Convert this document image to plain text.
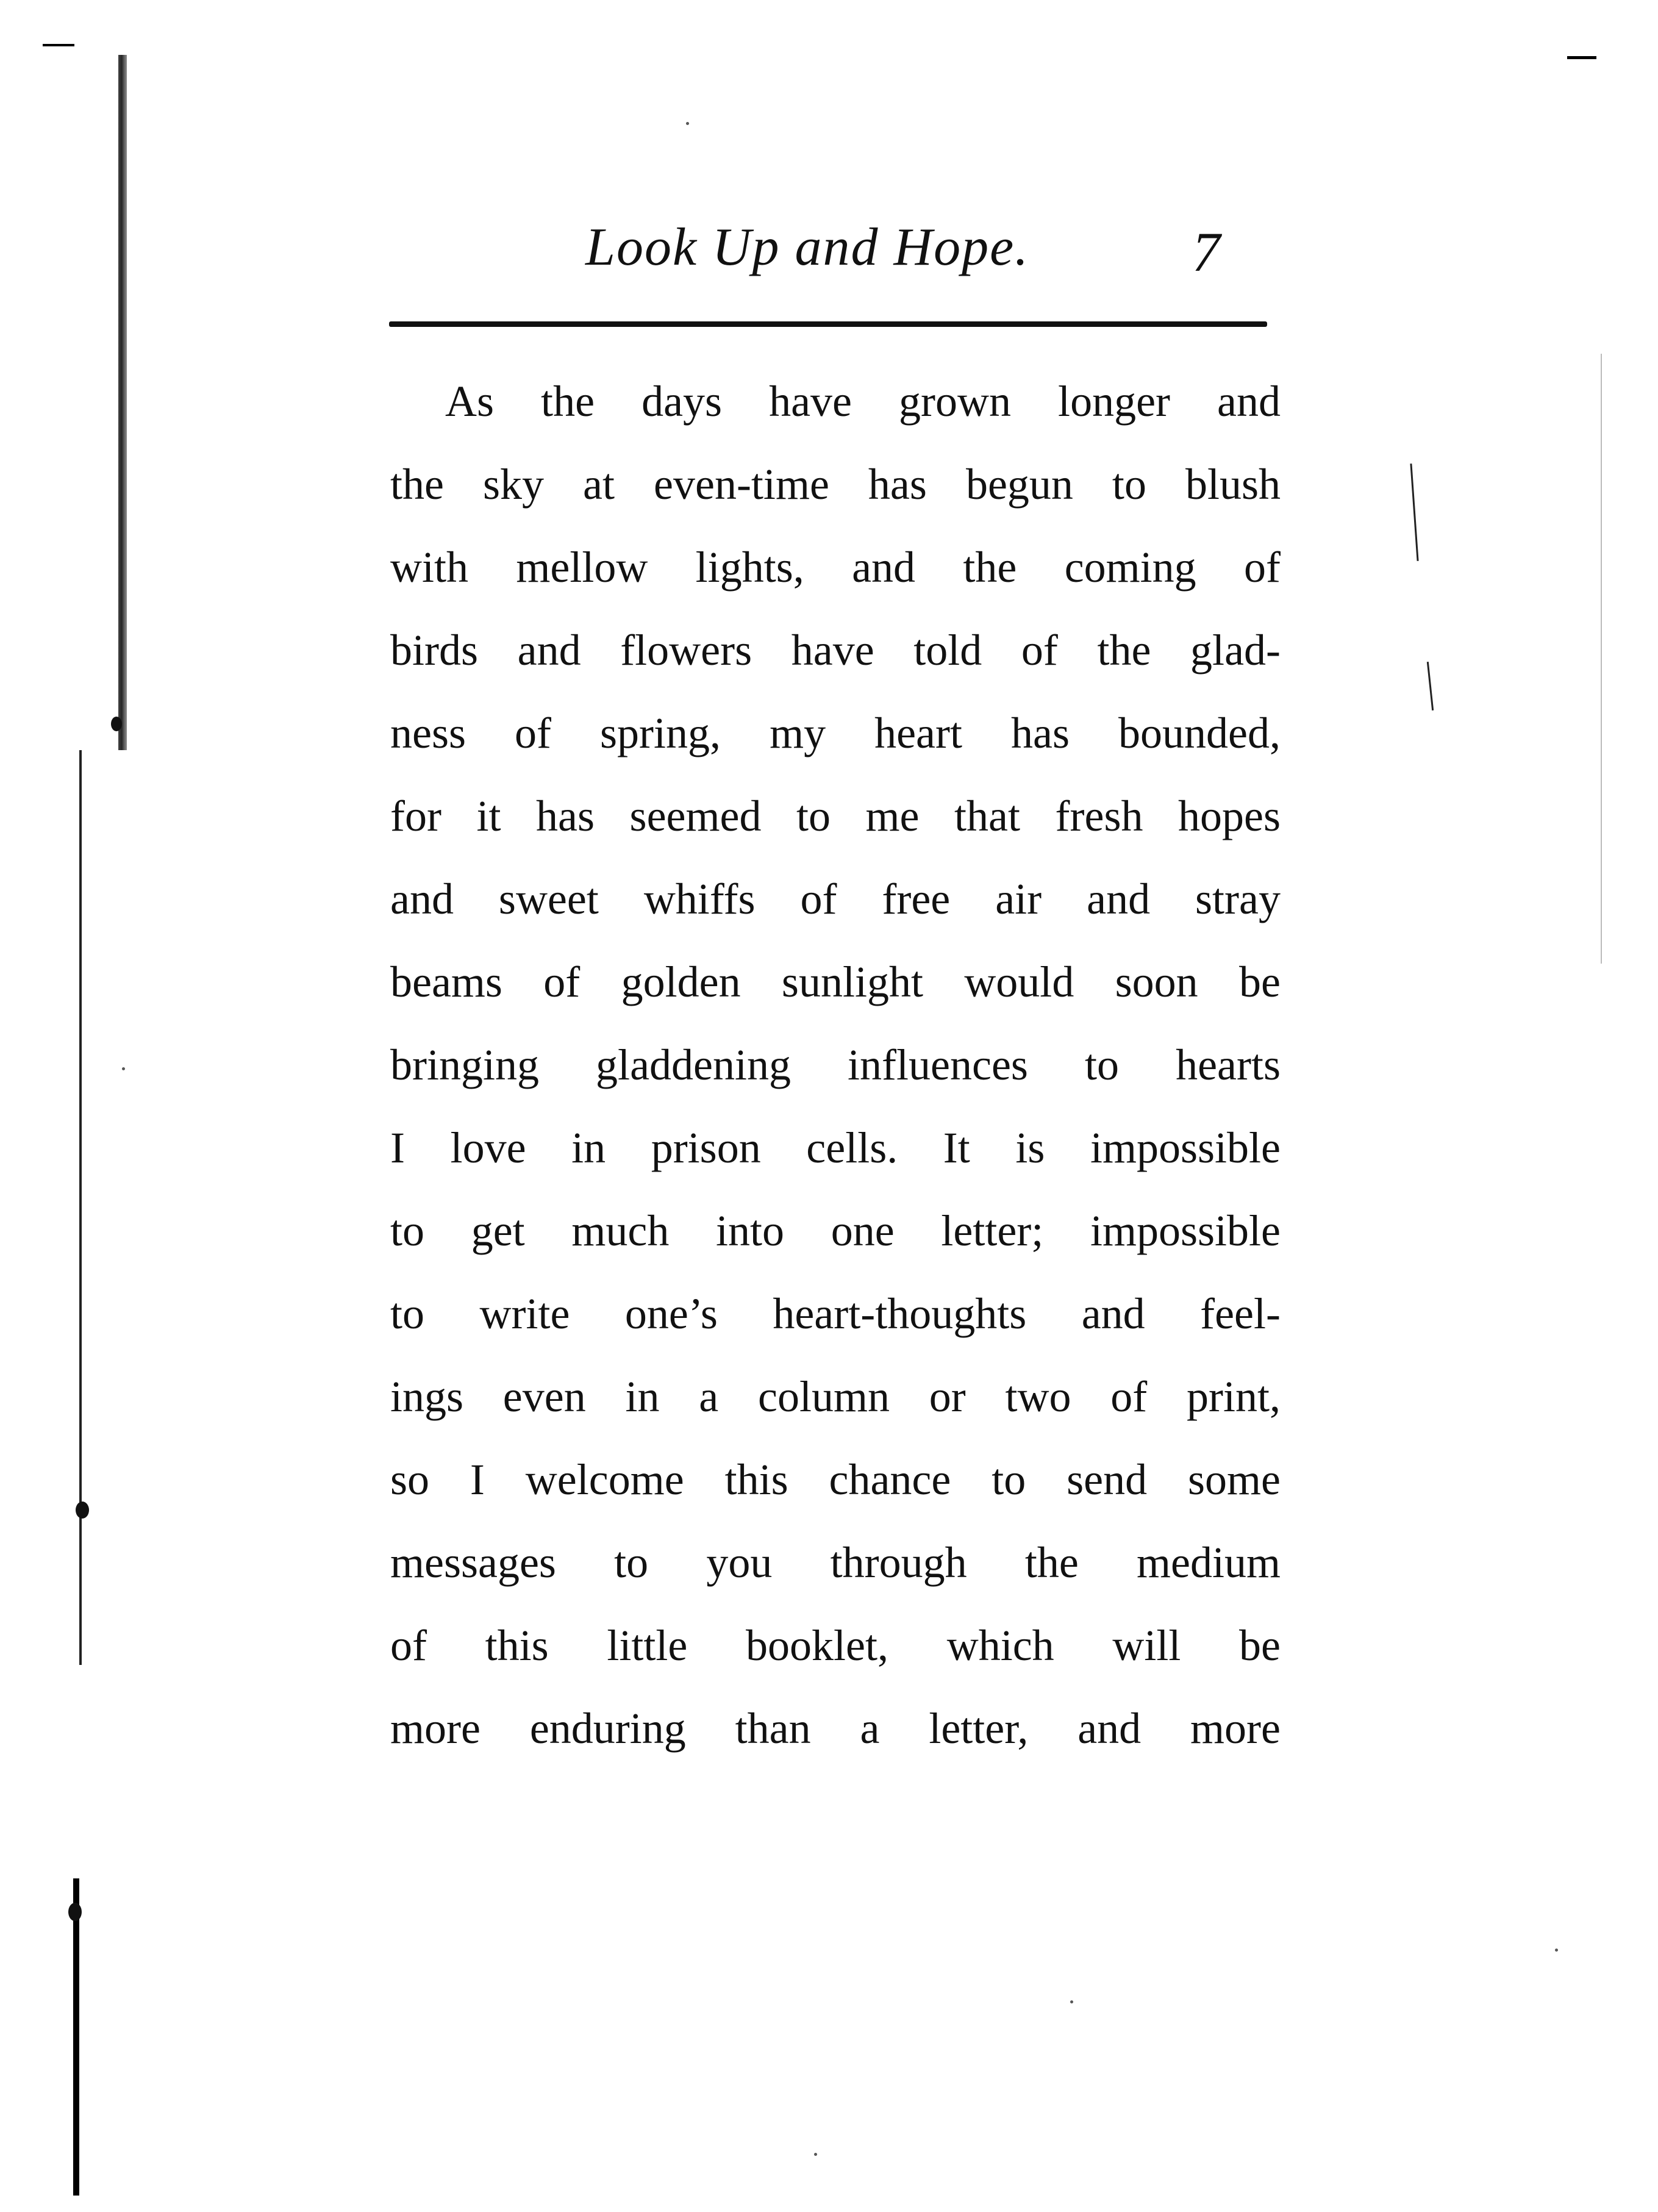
Look Up and Hope.	7
As the days have grown longer and
the sky at even-time has begun to blush
with mellow lights, and the coming of
birds and flowers have told of the glad-
ness of spring, my heart has bounded,
for it has seemed to me that fresh hopes
and sweet whiffs of free air and stray
beams of golden sunlight would soon be
bringing gladdening influences to hearts
I love in prison cells. It is impossible
to get much into one letter; impossible
to write one’s heart-thoughts and feel-
ings even in a column or two of print,
so I welcome this chance to send some
messages to you through the medium
of this little booklet, which will be
more enduring than a letter, and more
